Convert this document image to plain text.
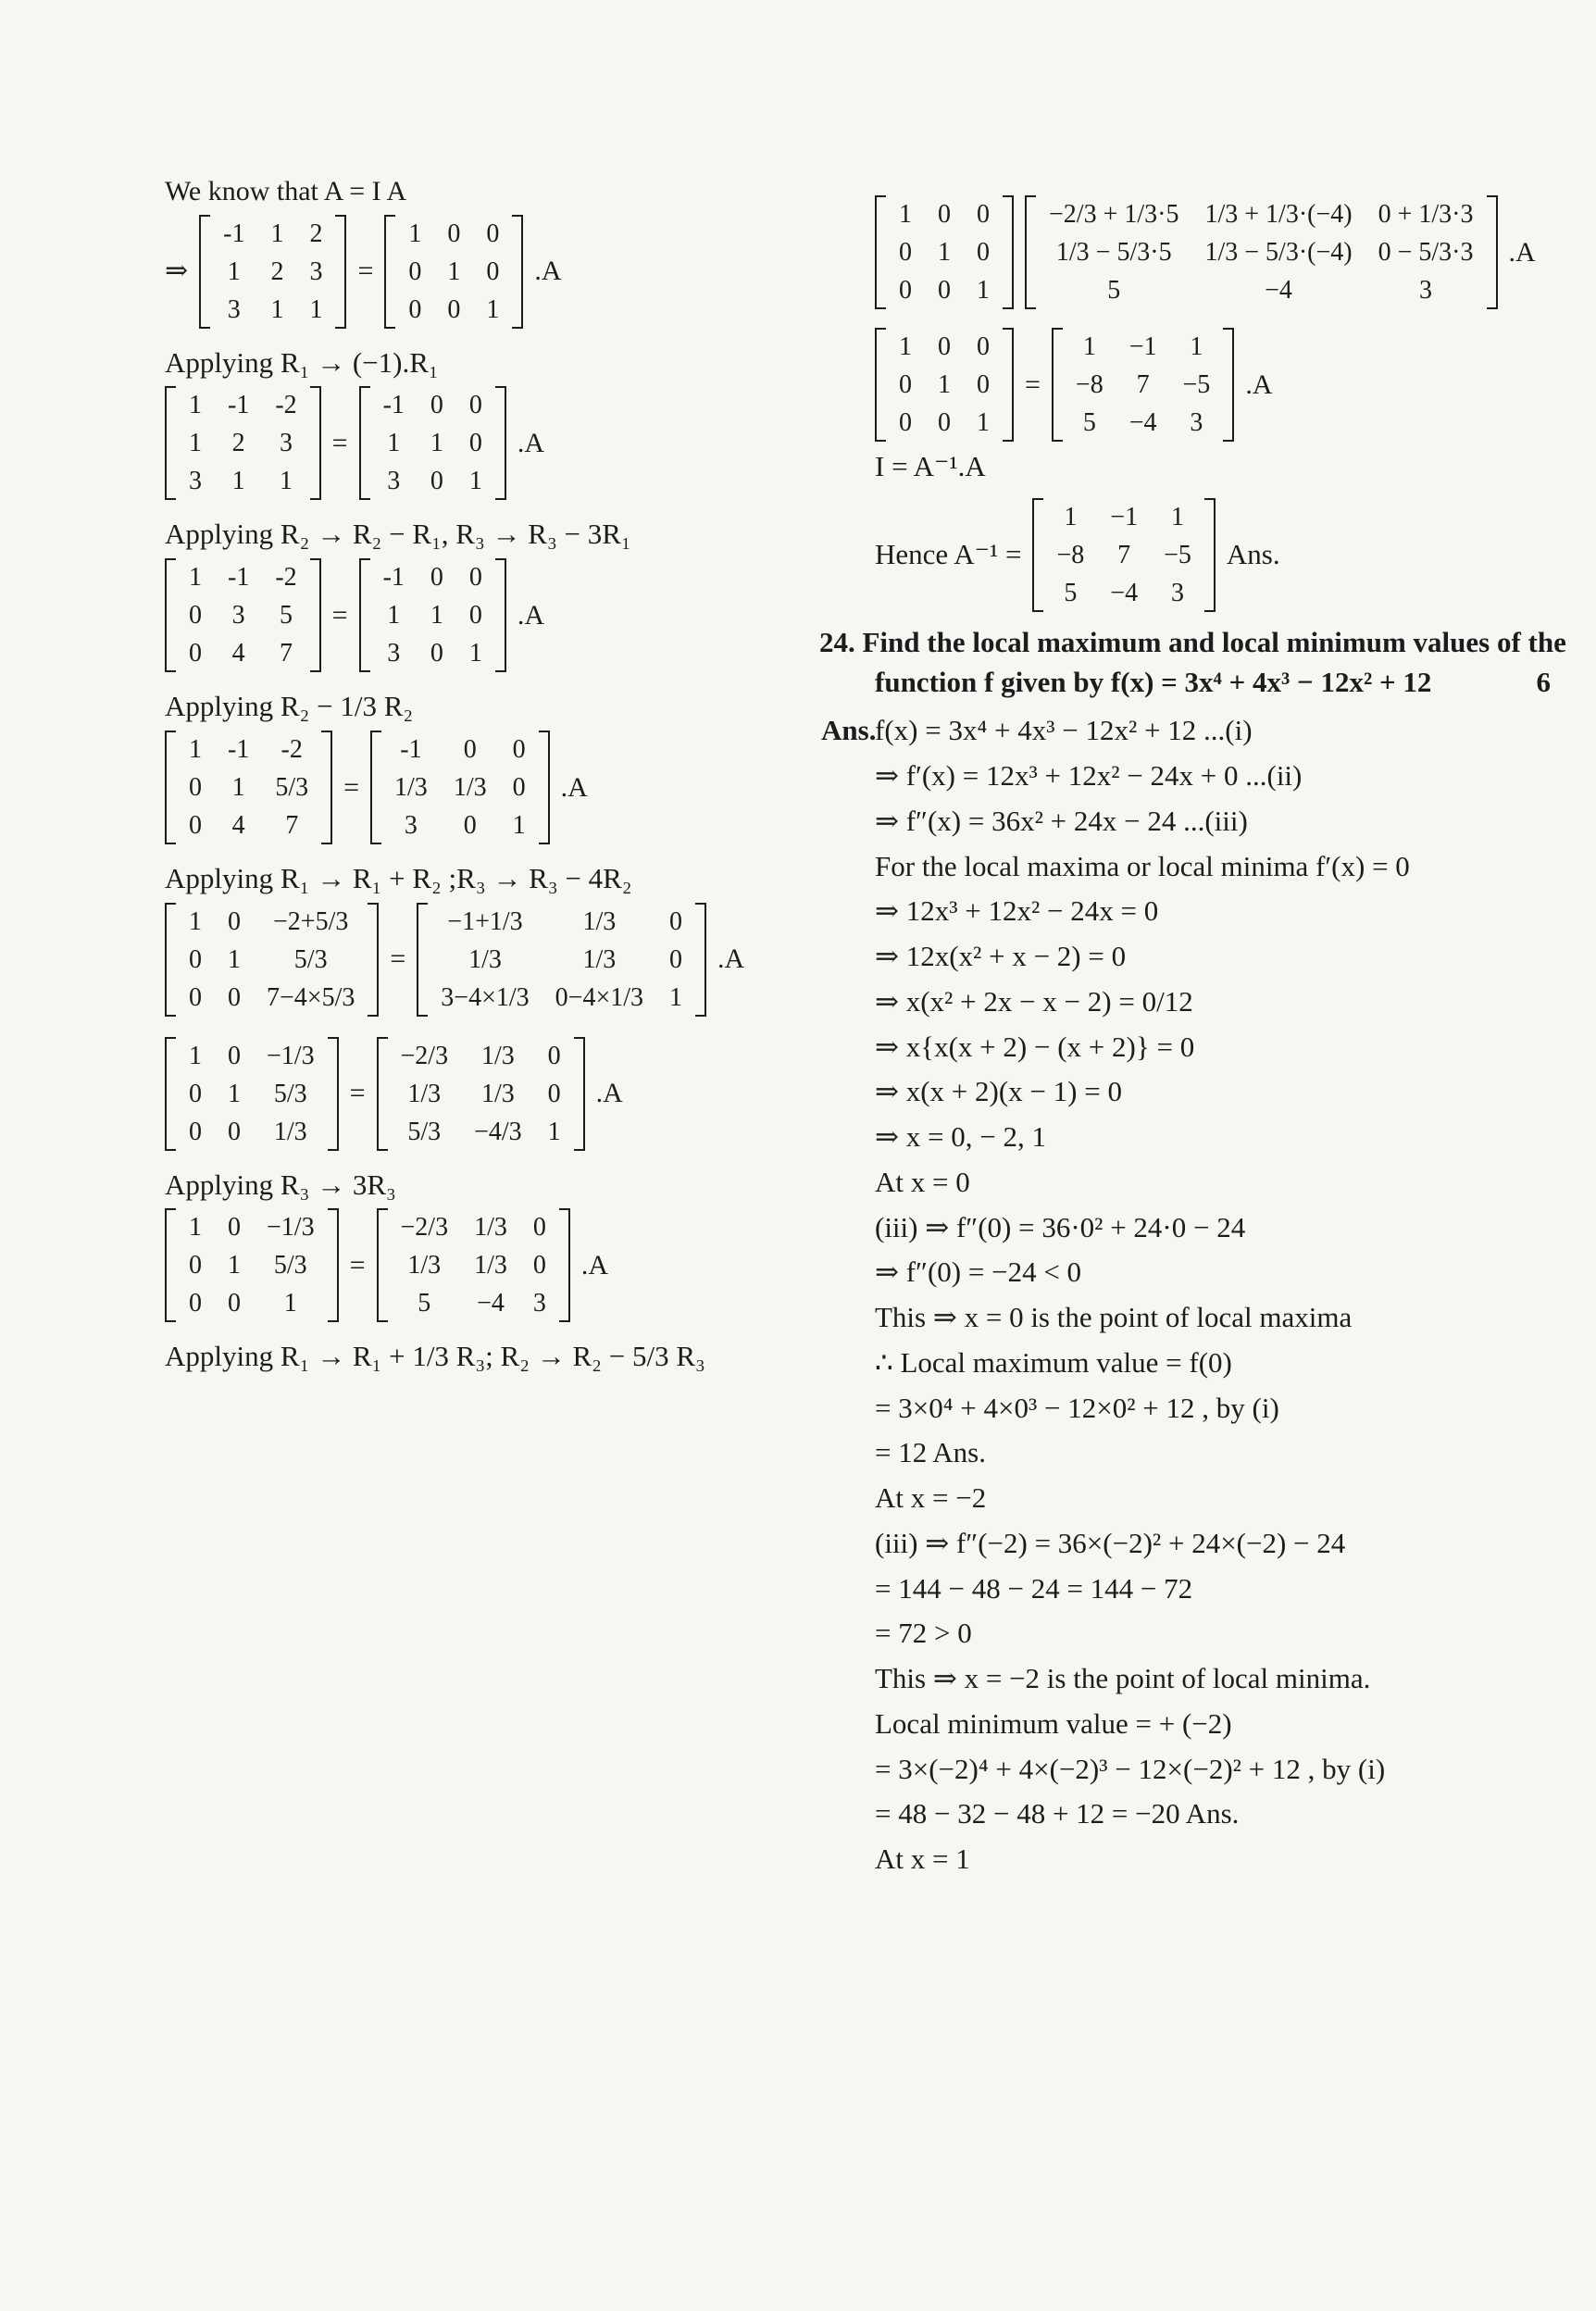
We know that A = I A
⇒
-1	1	2
1	2	3
3	1	1
=
1	0	0
0	1	0
0	0	1
.A
Applying R₁ → (−1).R₁
1	-1	-2
1	2	3
3	1	1
=
-1	0	0
1	1	0
3	0	1
.A
Applying R₂ → R₂ − R₁, R₃ → R₃ − 3R₁
1	-1	-2
0	3	5
0	4	7
=
-1	0	0
1	1	0
3	0	1
.A
Applying R₂ − 1/3 R₂
1	-1	-2
0	1	5/3
0	4	7
=
-1	0	0
1/3	1/3	0
3	0	1
.A
Applying R₁ → R₁ + R₂ ;R₃ → R₃ − 4R₂
1	0	−2+5/3
0	1	5/3
0	0	7−4×5/3
=
−1+1/3	1/3	0
1/3	1/3	0
3−4×1/3	0−4×1/3	1
.A
1	0	−1/3
0	1	5/3
0	0	1/3
=
−2/3	1/3	0
1/3	1/3	0
5/3	−4/3	1
.A
Applying R₃ → 3R₃
1	0	−1/3
0	1	5/3
0	0	1
=
−2/3	1/3	0
1/3	1/3	0
5	−4	3
.A
Applying R₁ → R₁ + 1/3 R₃; R₂ → R₂ − 5/3 R₃
1	0	0
0	1	0
0	0	1
−2/3 + 1/3·5	1/3 + 1/3·(−4)	0 + 1/3·3
1/3 − 5/3·5	1/3 − 5/3·(−4)	0 − 5/3·3
5	−4	3
.A
1	0	0
0	1	0
0	0	1
=
1	−1	1
−8	7	−5
5	−4	3
.A
I = A⁻¹.A
Hence A⁻¹ =
1	−1	1
−8	7	−5
5	−4	3
Ans.
24. Find the local maximum and local minimum values of the
function f given by f(x) = 3x⁴ + 4x³ − 12x² + 12	6
Ans.
f(x) = 3x⁴ + 4x³ − 12x² + 12 ...(i)
⇒ f′(x) = 12x³ + 12x² − 24x + 0 ...(ii)
⇒ f″(x) = 36x² + 24x − 24 ...(iii)
For the local maxima or local minima f′(x) = 0
⇒ 12x³ + 12x² − 24x = 0
⇒ 12x(x² + x − 2) = 0
⇒ x(x² + 2x − x − 2) = 0/12
⇒ x{x(x + 2) − (x + 2)} = 0
⇒ x(x + 2)(x − 1) = 0
⇒ x = 0, − 2, 1
At x = 0
(iii) ⇒ f″(0) = 36·0² + 24·0 − 24
⇒ f″(0) = −24 < 0
This ⇒ x = 0 is the point of local maxima
∴ Local maximum value = f(0)
= 3×0⁴ + 4×0³ − 12×0² + 12 , by (i)
= 12 Ans.
At x = −2
(iii) ⇒ f″(−2) = 36×(−2)² + 24×(−2) − 24
= 144 − 48 − 24 = 144 − 72
= 72 > 0
This ⇒ x = −2 is the point of local minima.
Local minimum value = + (−2)
= 3×(−2)⁴ + 4×(−2)³ − 12×(−2)² + 12 , by (i)
= 48 − 32 − 48 + 12 = −20 Ans.
At x = 1
